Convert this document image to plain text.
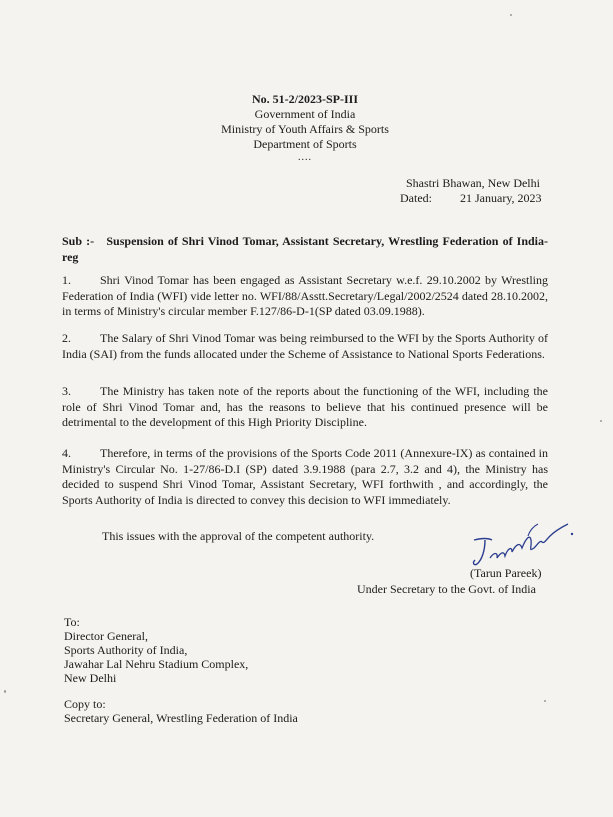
No. 51-2/2023-SP-III
Government of India
Ministry of Youth Affairs & Sports
Department of Sports
....
Shastri Bhawan, New Delhi
Dated: 21 January, 2023
Sub :- Suspension of Shri Vinod Tomar, Assistant Secretary, Wrestling Federation of India-reg
1. Shri Vinod Tomar has been engaged as Assistant Secretary w.e.f. 29.10.2002 by Wrestling Federation of India (WFI) vide letter no. WFI/88/Asstt.Secretary/Legal/2002/2524 dated 28.10.2002, in terms of Ministry's circular member F.127/86-D-1(SP dated 03.09.1988).
2. The Salary of Shri Vinod Tomar was being reimbursed to the WFI by the Sports Authority of India (SAI) from the funds allocated under the Scheme of Assistance to National Sports Federations.
3. The Ministry has taken note of the reports about the functioning of the WFI, including the role of Shri Vinod Tomar and, has the reasons to believe that his continued presence will be detrimental to the development of this High Priority Discipline.
4. Therefore, in terms of the provisions of the Sports Code 2011 (Annexure-IX) as contained in Ministry's Circular No. 1-27/86-D.I (SP) dated 3.9.1988 (para 2.7, 3.2 and 4), the Ministry has decided to suspend Shri Vinod Tomar, Assistant Secretary, WFI forthwith , and accordingly, the Sports Authority of India is directed to convey this decision to WFI immediately.
This issues with the approval of the competent authority.
(Tarun Pareek)
Under Secretary to the Govt. of India
To:
Director General,
Sports Authority of India,
Jawahar Lal Nehru Stadium Complex,
New Delhi
Copy to:
Secretary General, Wrestling Federation of India
